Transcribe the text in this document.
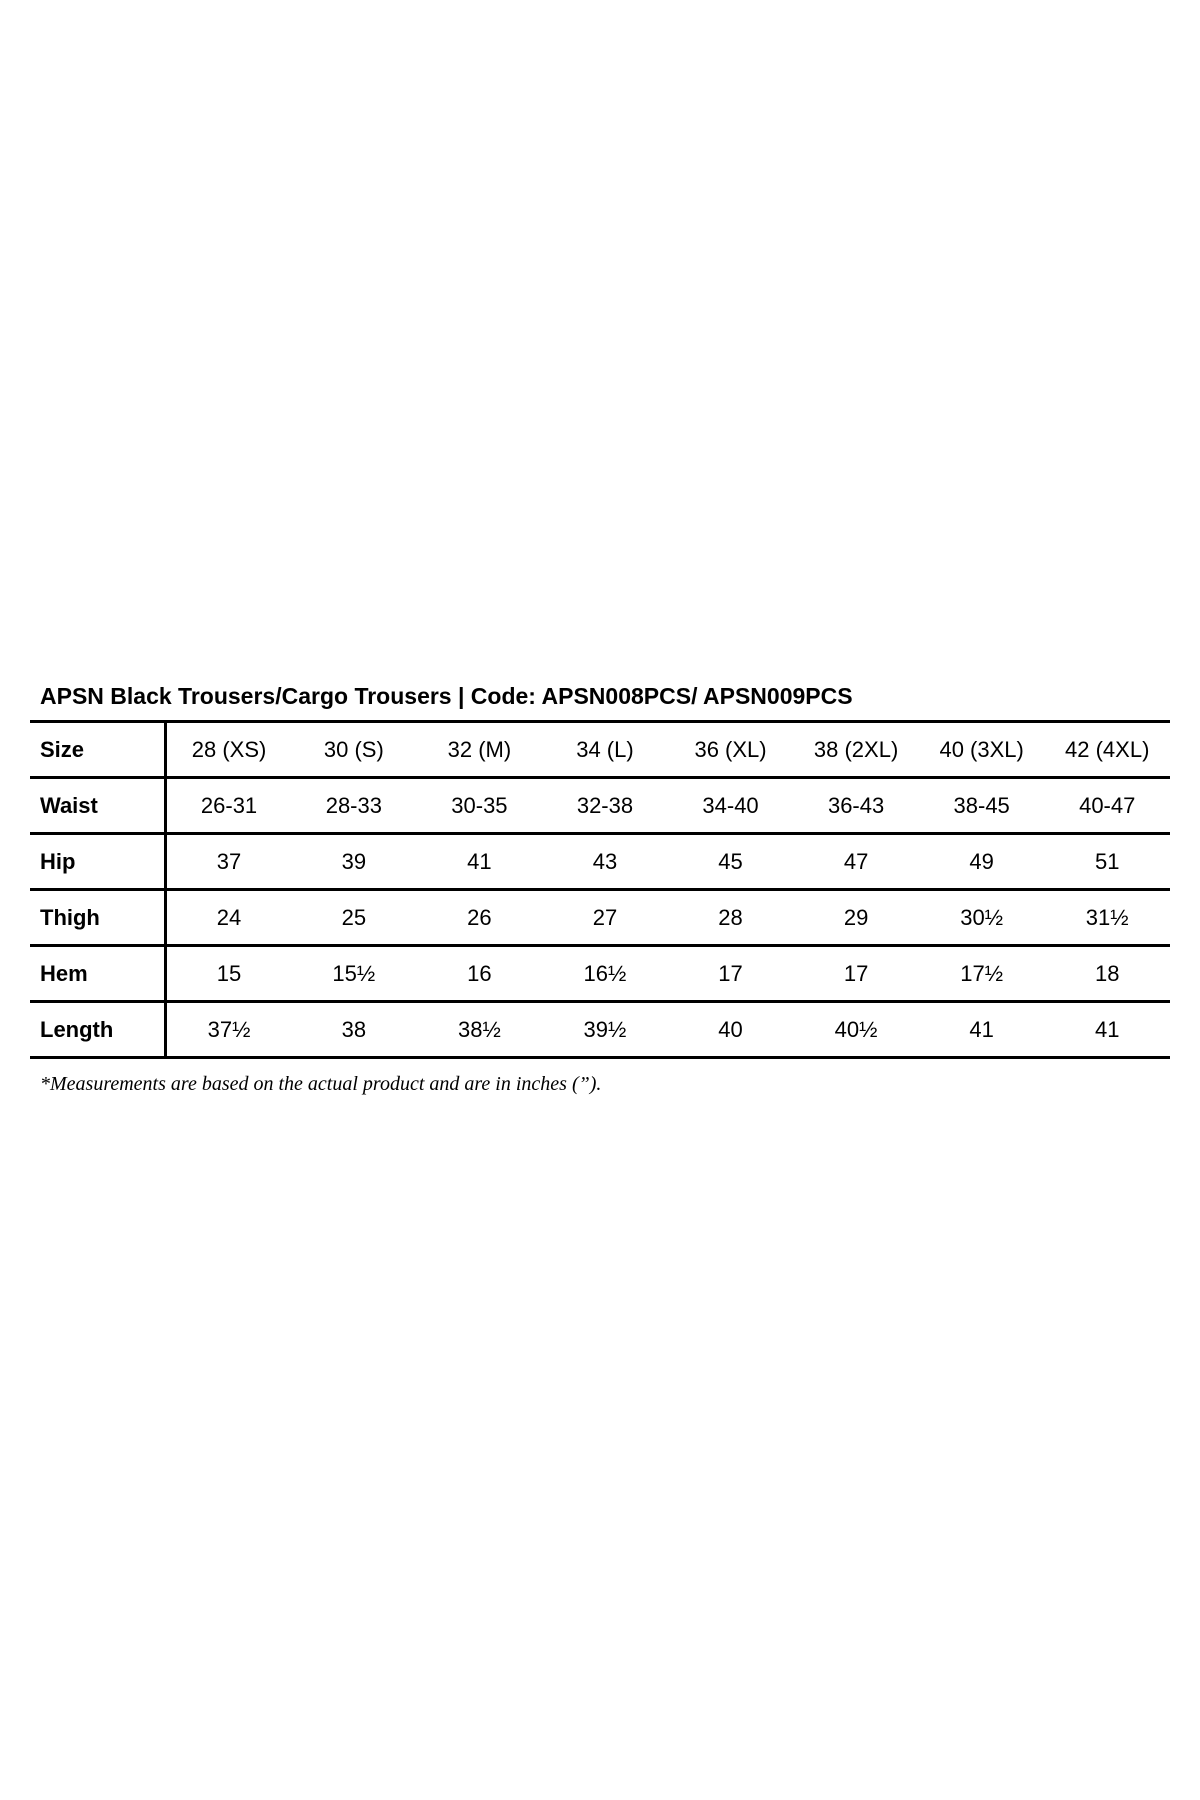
APSN Black Trousers/Cargo Trousers | Code: APSN008PCS/ APSN009PCS
Size	28 (XS)	30 (S)	32 (M)	34 (L)	36 (XL)	38 (2XL)	40 (3XL)	42 (4XL)
Waist	26-31	28-33	30-35	32-38	34-40	36-43	38-45	40-47
Hip	37	39	41	43	45	47	49	51
Thigh	24	25	26	27	28	29	30½	31½
Hem	15	15½	16	16½	17	17	17½	18
Length	37½	38	38½	39½	40	40½	41	41
*Measurements are based on the actual product and are in inches (”).
